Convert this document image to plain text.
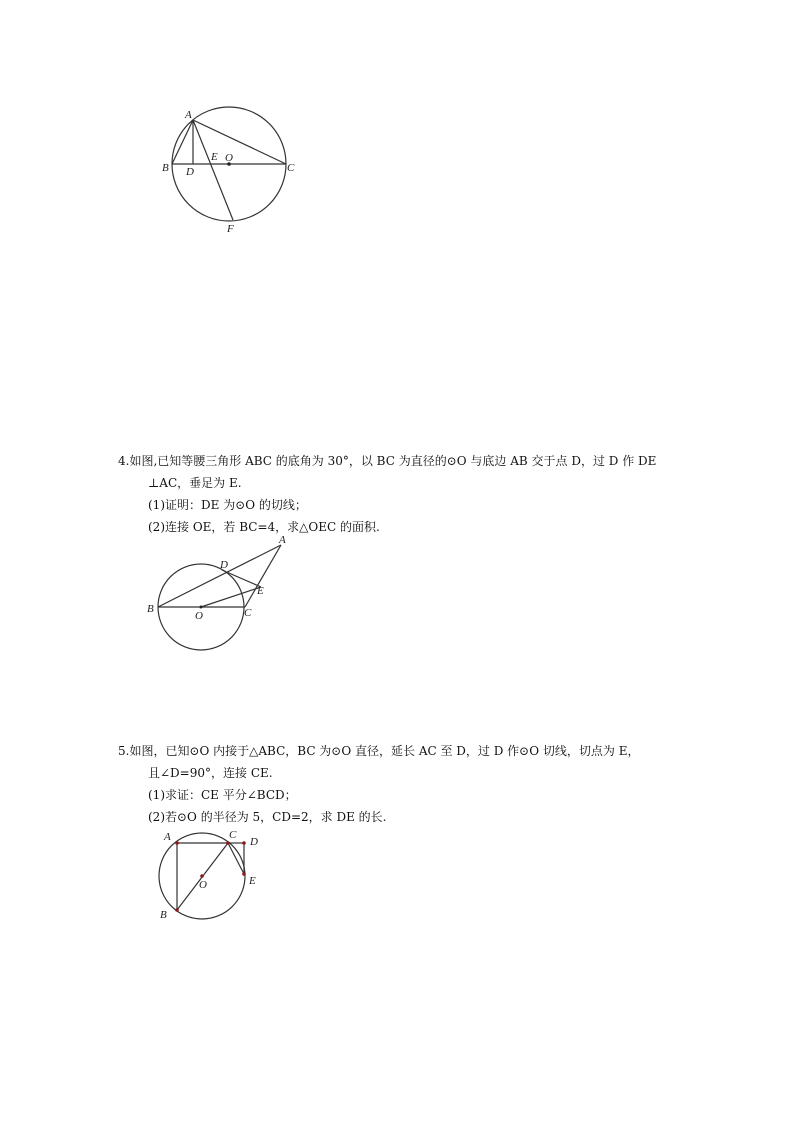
A
B	C
D
E O
F
4.如图,已知等腰三角形 ABC 的底角为 30°，以 BC 为直径的⊙O 与底边 AB 交于点 D，过 D 作 DE
⊥AC，垂足为 E.
(1)证明：DE 为⊙O 的切线；
(2)连接 OE，若 BC=4，求△OEC 的面积.
A
B	C
D
E
O
5.如图，已知⊙O 内接于△ABC，BC 为⊙O 直径，延长 AC 至 D，过 D 作⊙O 切线，切点为 E，
且∠D=90°，连接 CE.
(1)求证：CE 平分∠BCD；
(2)若⊙O 的半径为 5，CD=2，求 DE 的长.
A	C
D
E
O
B
